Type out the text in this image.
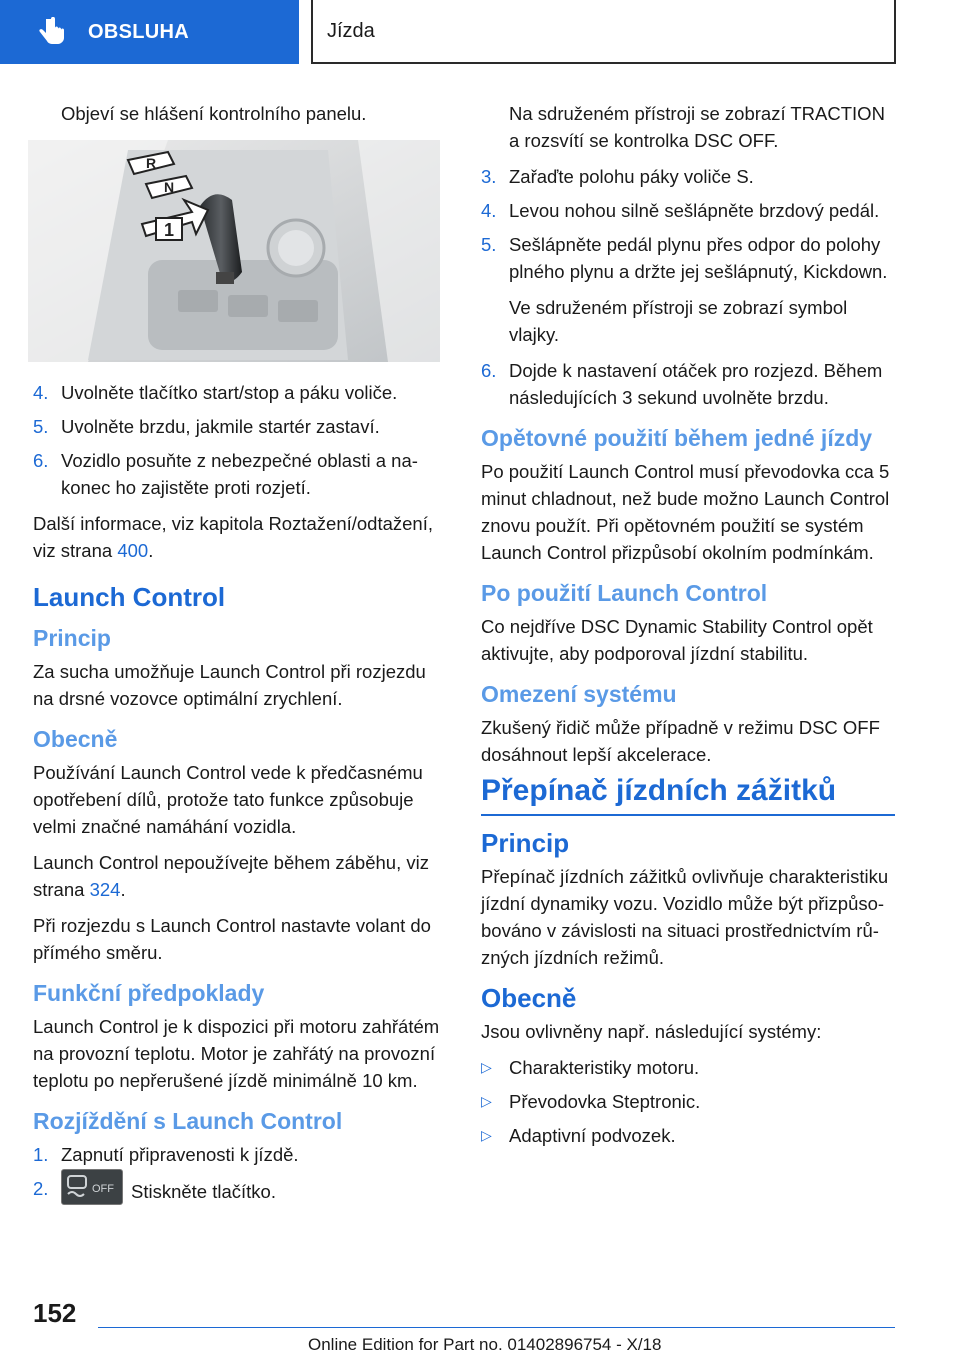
OBSLUHA	Jízda

Objeví se hlášení kontrolního panelu.

R
N
1
4. Uvolněte tlačítko start/stop a páku voliče.
5. Uvolněte brzdu, jakmile startér zastaví.
6. Vozidlo posuňte z nebezpečné oblasti a nakonec ho zajistěte proti rozjetí.

Další informace, viz kapitola Roztažení/odtažení, viz strana 400.

Launch Control
Princip

Za sucha umožňuje Launch Control při rozjezdu na drsné vozovce optimální zrychlení.

Obecně

Používání Launch Control vede k předčasnému opotřebení dílů, protože tato funkce způsobuje velmi značné namáhání vozidla.

Launch Control nepoužívejte během záběhu, viz strana 324.

Při rozjezdu s Launch Control nastavte volant do přímého směru.

Funkční předpoklady

Launch Control je k dispozici při motoru zahřátém na provozní teplotu. Motor je zahřátý na provozní teplotu po nepřerušené jízdě minimálně 10 km.

Rozjíždění s Launch Control
1. Zapnutí připravenosti k jízdě.
2.	OFF Stiskněte tlačítko.

Na sdruženém přístroji se zobrazí TRACTION a rozsvítí se kontrolka DSC OFF.

3. Zařaďte polohu páky voliče S.
4. Levou nohou silně sešlápněte brzdový pedál.
5. Sešlápněte pedál plynu přes odpor do polohy plného plynu a držte jej sešlápnutý, Kickdown.

Ve sdruženém přístroji se zobrazí symbol vlajky.

6. Dojde k nastavení otáček pro rozjezd. Během následujících 3 sekund uvolněte brzdu.
Opětovné použití během jedné jízdy

Po použití Launch Control musí převodovka cca 5 minut chladnout, než bude možno Launch Control znovu použít. Při opětovném použití se systém Launch Control přizpůsobí okolním podmínkám.

Po použití Launch Control

Co nejdříve DSC Dynamic Stability Control opět aktivujte, aby podporoval jízdní stabilitu.

Omezení systému

Zkušený řidič může případně v režimu DSC OFF dosáhnout lepší akcelerace.

Přepínač jízdních zážitků
Princip

Přepínač jízdních zážitků ovlivňuje charakteristiku jízdní dynamiky vozu. Vozidlo může být přizpůsobováno v závislosti na situaci prostřednictvím různých jízdních režimů.

Obecně

Jsou ovlivněny např. následující systémy:

▷ Charakteristiky motoru.
▷ Převodovka Steptronic.
▷ Adaptivní podvozek.
152
Online Edition for Part no. 01402896754 - X/18
